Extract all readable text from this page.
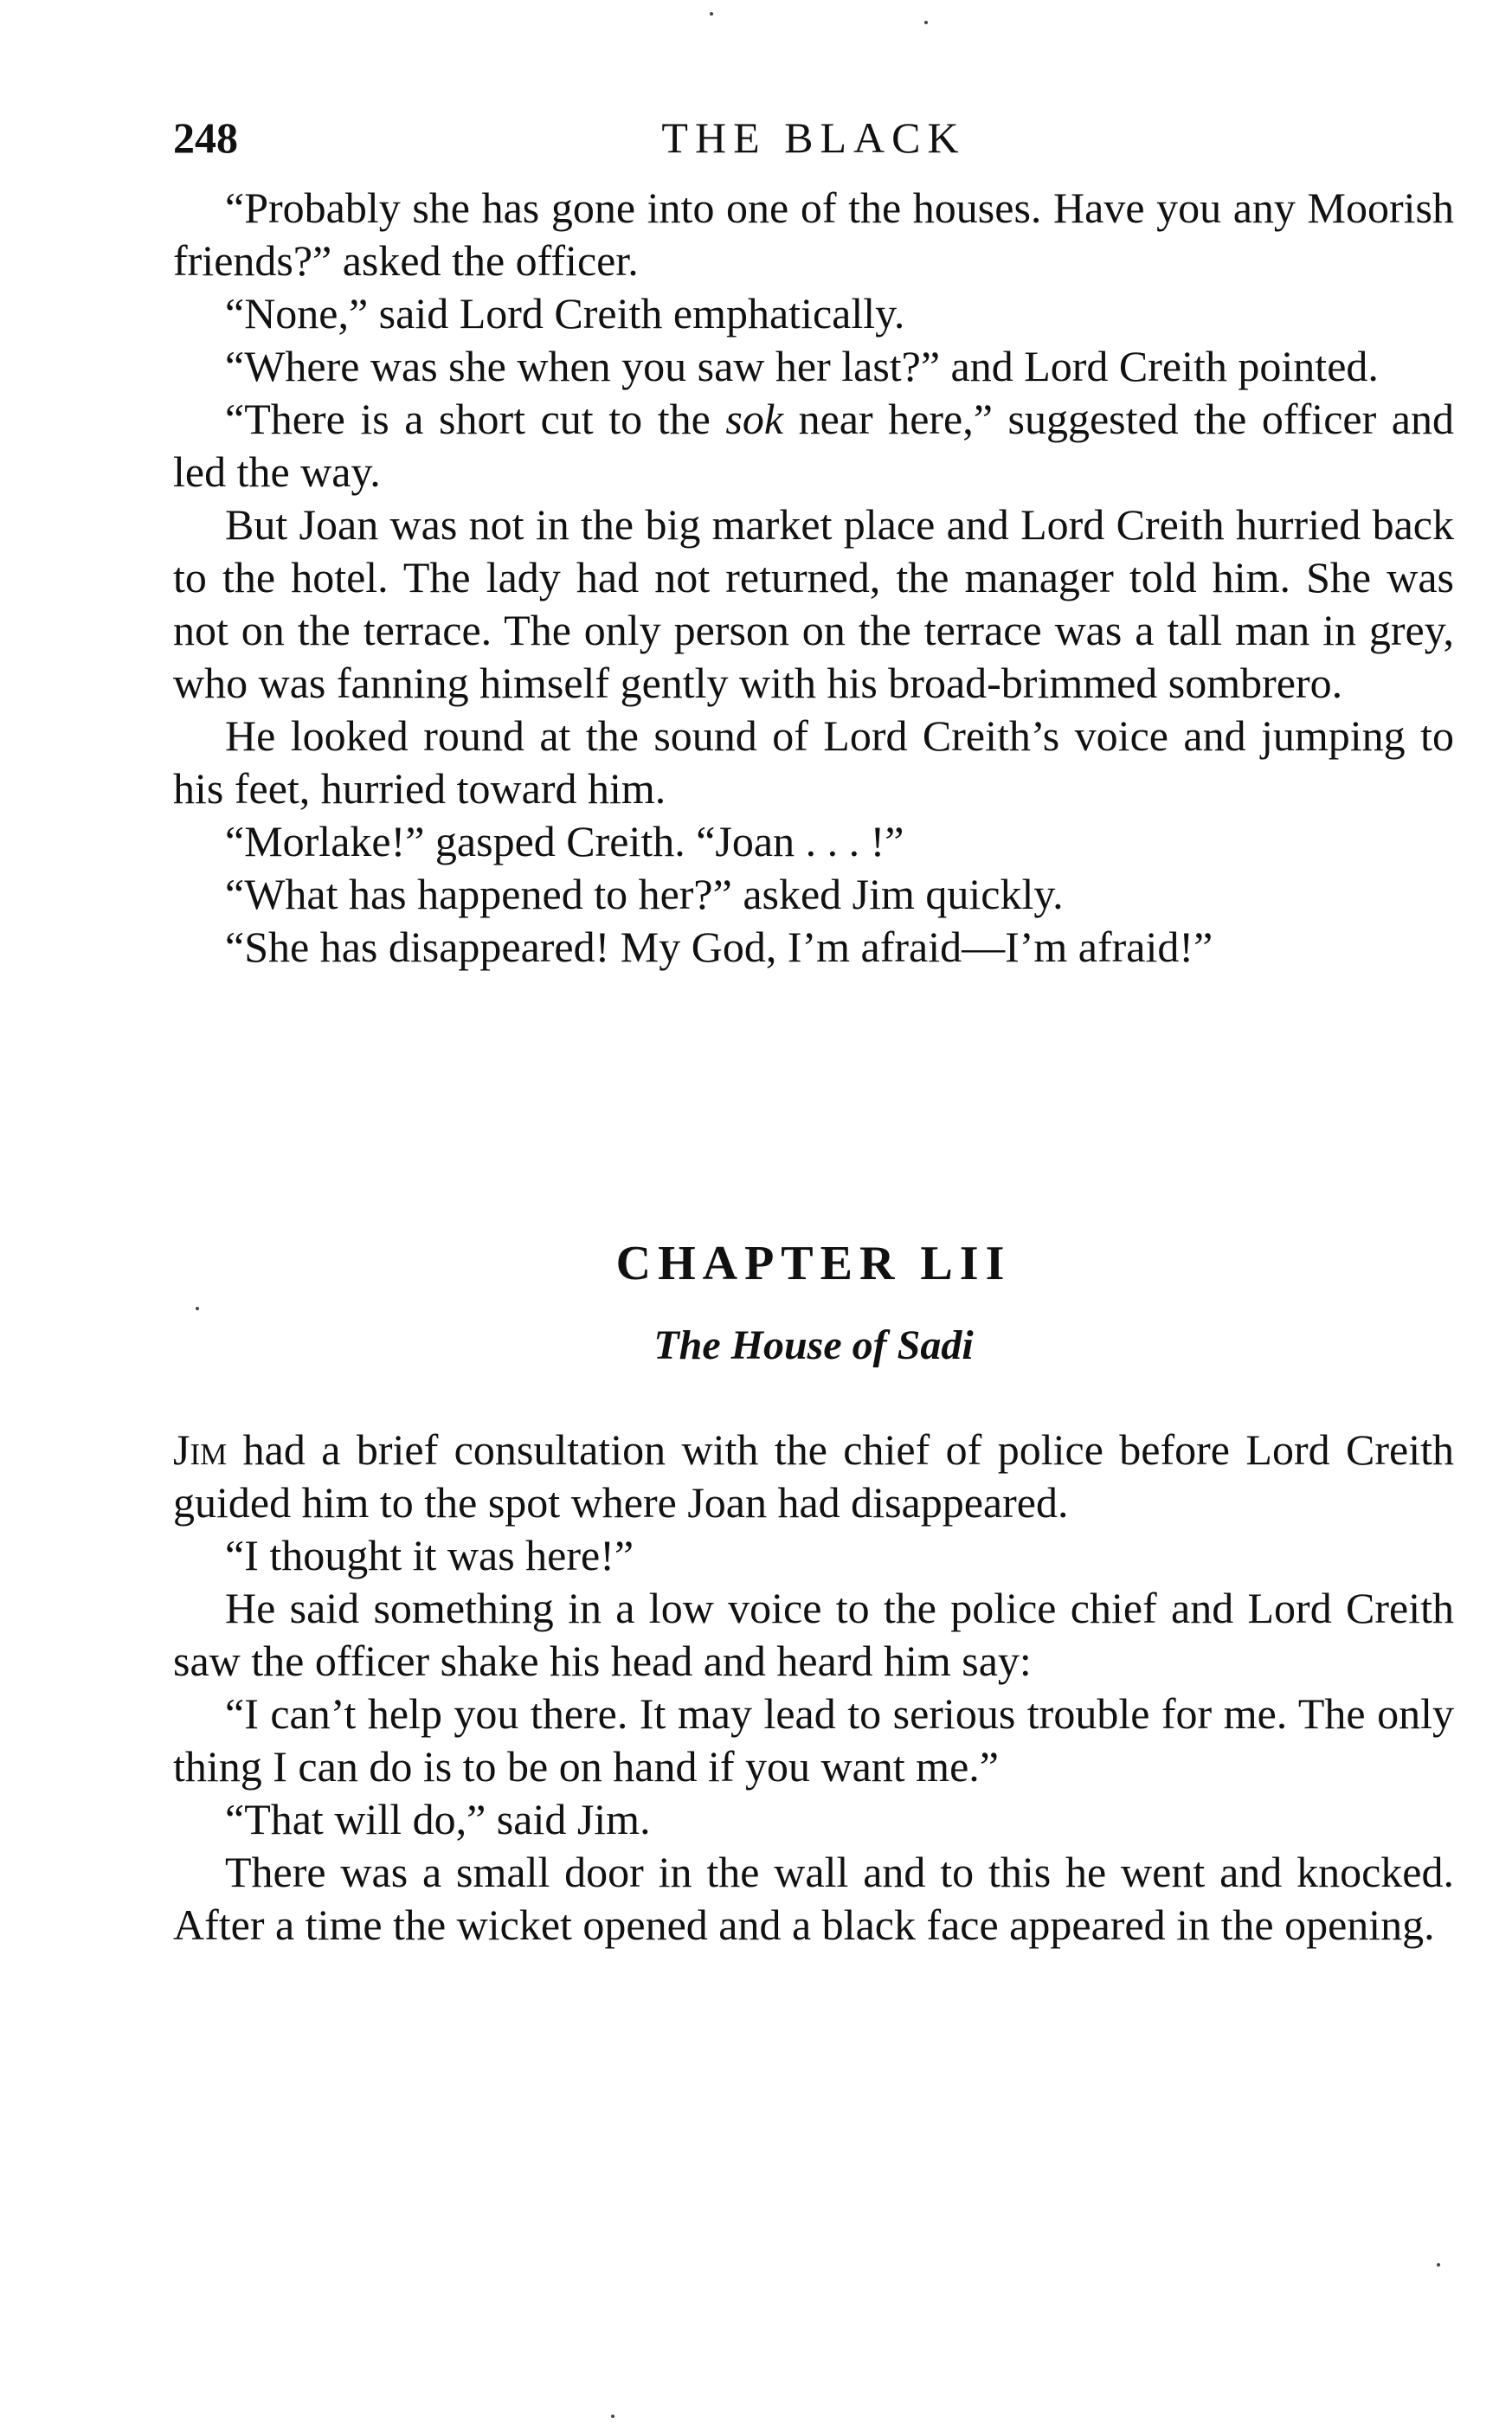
248	THE BLACK

“Probably she has gone into one of the houses. Have you any Moorish friends?” asked the officer.

“None,” said Lord Creith emphatically.

“Where was she when you saw her last?” and Lord Creith pointed.

“There is a short cut to the sok near here,” suggested the officer and led the way.

But Joan was not in the big market place and Lord Creith hurried back to the hotel. The lady had not returned, the manager told him. She was not on the terrace. The only person on the terrace was a tall man in grey, who was fanning himself gently with his broad-brimmed sombrero.

He looked round at the sound of Lord Creith’s voice and jumping to his feet, hurried toward him.

“Morlake!” gasped Creith. “Joan . . . !”

“What has happened to her?” asked Jim quickly.

“She has disappeared! My God, I’m afraid—I’m afraid!”

CHAPTER LII
The House of Sadi

Jim had a brief consultation with the chief of police before Lord Creith guided him to the spot where Joan had disappeared.

“I thought it was here!”

He said something in a low voice to the police chief and Lord Creith saw the officer shake his head and heard him say:

“I can’t help you there. It may lead to serious trouble for me. The only thing I can do is to be on hand if you want me.”

“That will do,” said Jim.

There was a small door in the wall and to this he went and knocked. After a time the wicket opened and a black face appeared in the opening.
